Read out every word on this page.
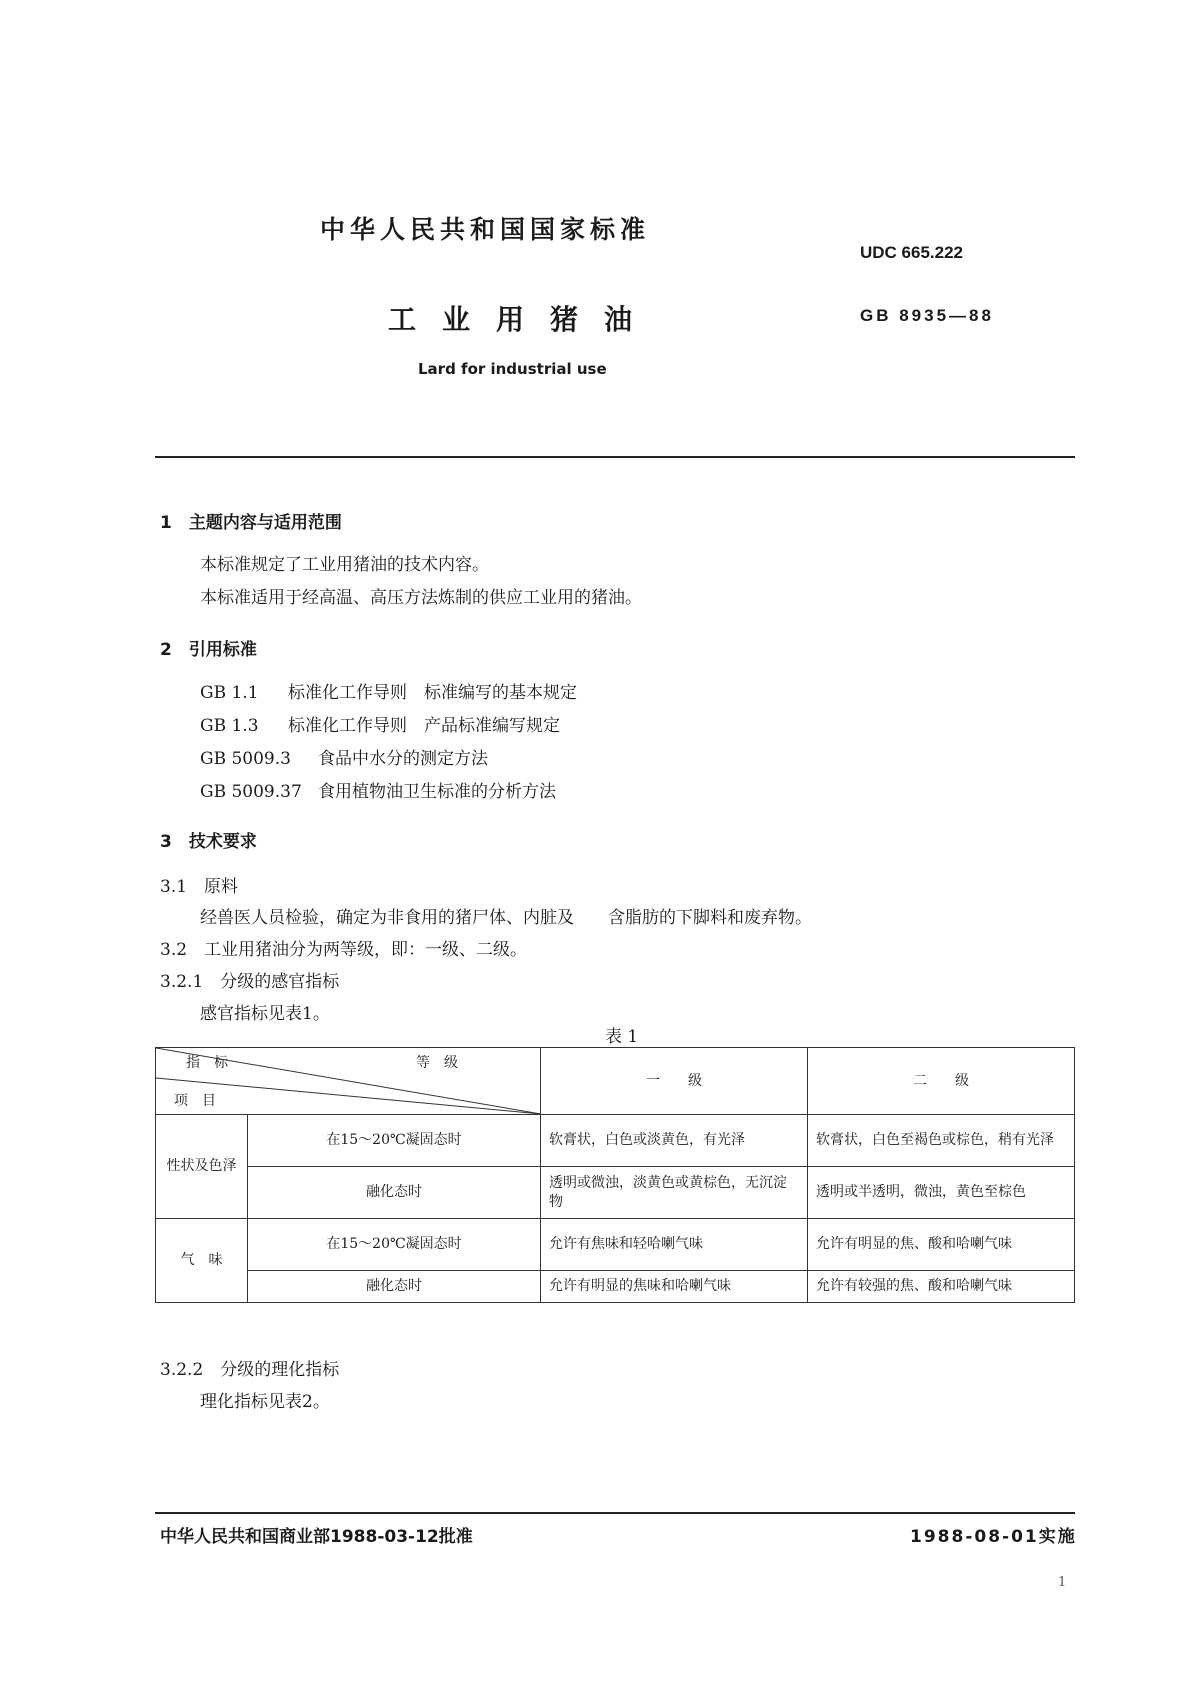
中华人民共和国国家标准
UDC 665.222
工业用猪油	GB 8935—88
Lard for industrial use
1　主题内容与适用范围
本标准规定了工业用猪油的技术内容。
本标准适用于经高温、高压方法炼制的供应工业用的猪油。
2　引用标准
GB 1.1 标准化工作导则　标准编写的基本规定
GB 1.3 标准化工作导则　产品标准编写规定
GB 5009.3 食品中水分的测定方法
GB 5009.37 食用植物油卫生标准的分析方法
3　技术要求
3.1　原料
经兽医人员检验，确定为非食用的猪尸体、内脏及　　含脂肪的下脚料和废弃物。
3.2　工业用猪油分为两等级，即：一级、二级。
3.2.1　分级的感官指标
感官指标见表1。
表 1
指　标 等　级
项　目		一　　级	二　　级
性状及色泽	在15～20℃凝固态时	软膏状，白色或淡黄色，有光泽	软膏状，白色至褐色或棕色，稍有光泽
	融化态时	透明或微浊，淡黄色或黄棕色，无沉淀物	透明或半透明，微浊，黄色至棕色
气　味	在15～20℃凝固态时	允许有焦味和轻哈喇气味	允许有明显的焦、酸和哈喇气味
	融化态时	允许有明显的焦味和哈喇气味	允许有较强的焦、酸和哈喇气味
3.2.2　分级的理化指标
理化指标见表2。
中华人民共和国商业部1988-03-12批准	1988-08-01实施
1
